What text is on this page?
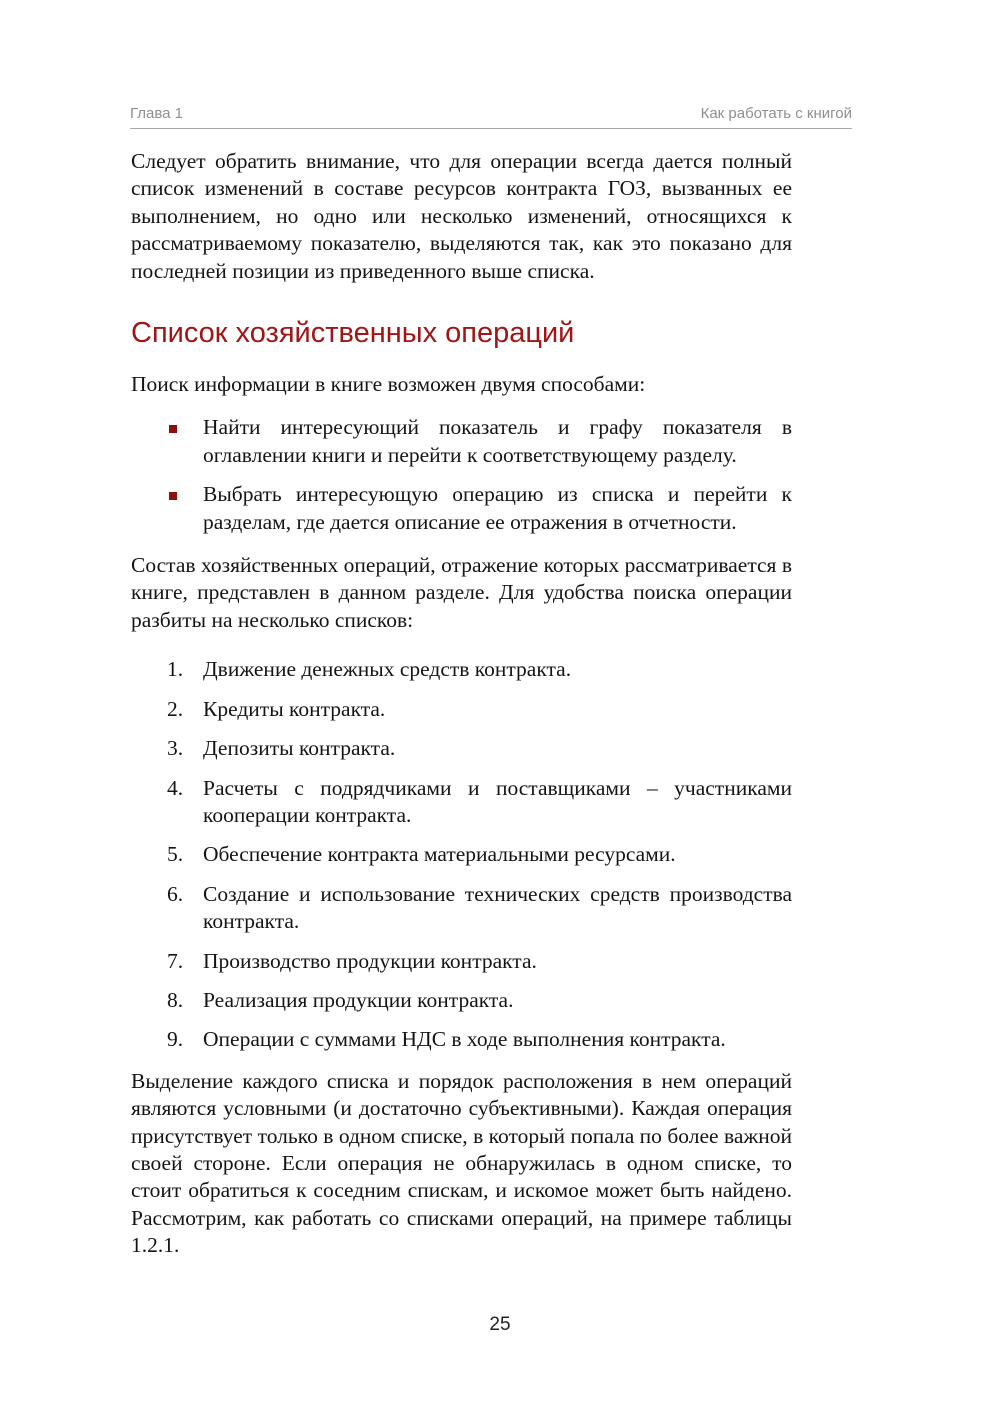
Глава 1	Как работать с книгой

Следует обратить внимание, что для операции всегда дается полный список изменений в составе ресурсов контракта ГОЗ, вызванных ее выполнением, но одно или несколько изменений, относящихся к рассматриваемому показателю, выделяются так, как это показано для последней позиции из приведенного выше списка.

Список хозяйственных операций

Поиск информации в книге возможен двумя способами:

Найти интересующий показатель и графу показателя в оглавлении книги и перейти к соответствующему разделу.
Выбрать интересующую операцию из списка и перейти к разделам, где дается описание ее отражения в отчетности.

Состав хозяйственных операций, отражение которых рассматривается в книге, представлен в данном разделе. Для удобства поиска операции разбиты на несколько списков:

1. Движение денежных средств контракта.
2. Кредиты контракта.
3. Депозиты контракта.
4. Расчеты с подрядчиками и поставщиками – участниками кооперации контракта.
5. Обеспечение контракта материальными ресурсами.
6. Создание и использование технических средств производства контракта.
7. Производство продукции контракта.
8. Реализация продукции контракта.
9. Операции с суммами НДС в ходе выполнения контракта.

Выделение каждого списка и порядок расположения в нем операций являются условными (и достаточно субъективными). Каждая операция присутствует только в одном списке, в который попала по более важной своей стороне. Если операция не обнаружилась в одном списке, то стоит обратиться к соседним спискам, и искомое может быть найдено. Рассмотрим, как работать со списками операций, на примере таблицы 1.2.1.

25
